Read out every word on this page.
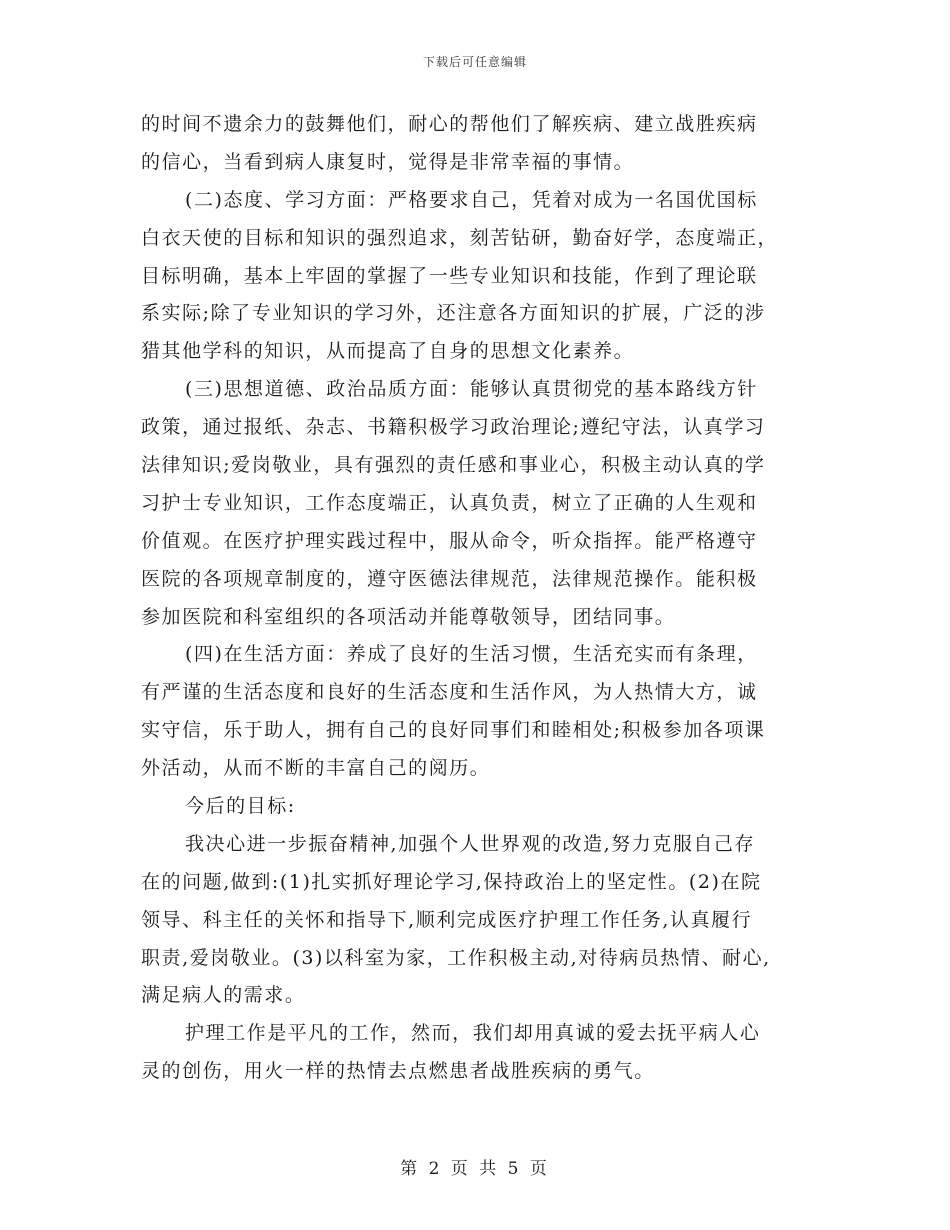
下载后可任意编辑
的时间不遗余力的鼓舞他们，耐心的帮他们了解疾病、建立战胜疾病
的信心，当看到病人康复时，觉得是非常幸福的事情。
(二)态度、学习方面：严格要求自己，凭着对成为一名国优国标
白衣天使的目标和知识的强烈追求，刻苦钻研，勤奋好学，态度端正，
目标明确，基本上牢固的掌握了一些专业知识和技能，作到了理论联
系实际;除了专业知识的学习外，还注意各方面知识的扩展，广泛的涉
猎其他学科的知识，从而提高了自身的思想文化素养。
(三)思想道德、政治品质方面：能够认真贯彻党的基本路线方针
政策，通过报纸、杂志、书籍积极学习政治理论;遵纪守法，认真学习
法律知识;爱岗敬业，具有强烈的责任感和事业心，积极主动认真的学
习护士专业知识，工作态度端正，认真负责，树立了正确的人生观和
价值观。在医疗护理实践过程中，服从命令，听众指挥。能严格遵守
医院的各项规章制度的，遵守医德法律规范，法律规范操作。能积极
参加医院和科室组织的各项活动并能尊敬领导，团结同事。
(四)在生活方面：养成了良好的生活习惯，生活充实而有条理，
有严谨的生活态度和良好的生活态度和生活作风，为人热情大方，诚
实守信，乐于助人，拥有自己的良好同事们和睦相处;积极参加各项课
外活动，从而不断的丰富自己的阅历。
今后的目标:
我决心进一步振奋精神,加强个人世界观的改造,努力克服自己存
在的问题,做到:(1)扎实抓好理论学习,保持政治上的坚定性。(2)在院
领导、科主任的关怀和指导下,顺利完成医疗护理工作任务,认真履行
职责,爱岗敬业。(3)以科室为家，工作积极主动,对待病员热情、耐心,
满足病人的需求。
护理工作是平凡的工作，然而，我们却用真诚的爱去抚平病人心
灵的创伤，用火一样的热情去点燃患者战胜疾病的勇气。
第 2 页 共 5 页
